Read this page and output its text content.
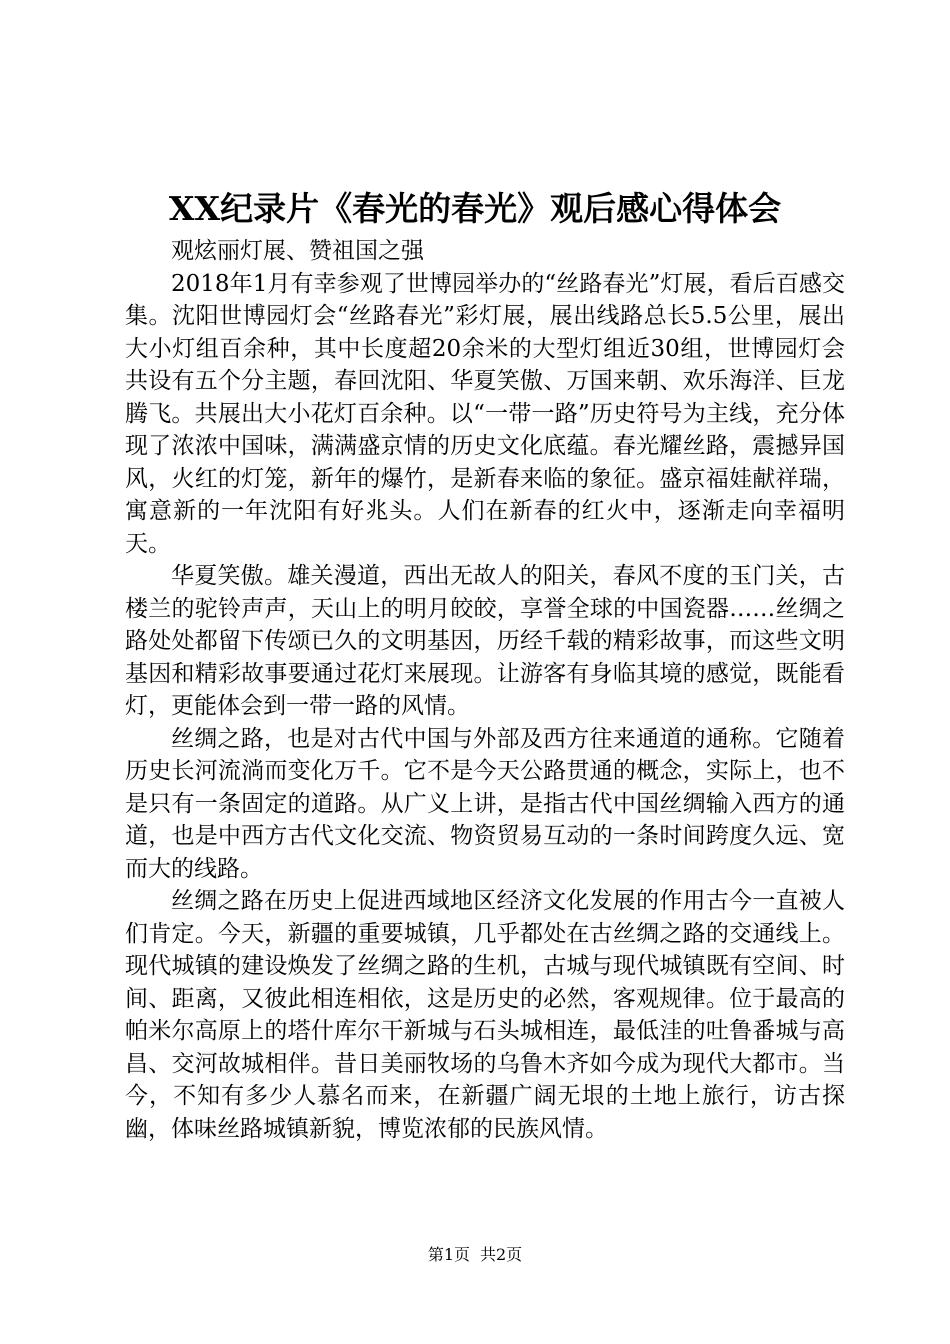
XX纪录片《春光的春光》观后感心得体会

观炫丽灯展、赞祖国之强

2018年1月有幸参观了世博园举办的“丝路春光”灯展，看后百感交集。沈阳世博园灯会“丝路春光”彩灯展，展出线路总长5.5公里，展出大小灯组百余种，其中长度超20余米的大型灯组近30组，世博园灯会共设有五个分主题，春回沈阳、华夏笑傲、万国来朝、欢乐海洋、巨龙腾飞。共展出大小花灯百余种。以“一带一路”历史符号为主线，充分体现了浓浓中国味，满满盛京情的历史文化底蕴。春光耀丝路，震撼异国风，火红的灯笼，新年的爆竹，是新春来临的象征。盛京福娃献祥瑞，寓意新的一年沈阳有好兆头。人们在新春的红火中，逐渐走向幸福明天。

华夏笑傲。雄关漫道，西出无故人的阳关，春风不度的玉门关，古楼兰的驼铃声声，天山上的明月皎皎，享誉全球的中国瓷器……丝绸之路处处都留下传颂已久的文明基因，历经千载的精彩故事，而这些文明基因和精彩故事要通过花灯来展现。让游客有身临其境的感觉，既能看灯，更能体会到一带一路的风情。

丝绸之路，也是对古代中国与外部及西方往来通道的通称。它随着历史长河流淌而变化万千。它不是今天公路贯通的概念，实际上，也不是只有一条固定的道路。从广义上讲，是指古代中国丝绸输入西方的通道，也是中西方古代文化交流、物资贸易互动的一条时间跨度久远、宽而大的线路。

丝绸之路在历史上促进西域地区经济文化发展的作用古今一直被人们肯定。今天，新疆的重要城镇，几乎都处在古丝绸之路的交通线上。现代城镇的建设焕发了丝绸之路的生机，古城与现代城镇既有空间、时间、距离，又彼此相连相依，这是历史的必然，客观规律。位于最高的帕米尔高原上的塔什库尔干新城与石头城相连，最低洼的吐鲁番城与高昌、交河故城相伴。昔日美丽牧场的乌鲁木齐如今成为现代大都市。当今，不知有多少人慕名而来，在新疆广阔无垠的土地上旅行，访古探幽，体味丝路城镇新貌，博览浓郁的民族风情。

第1页 共2页
